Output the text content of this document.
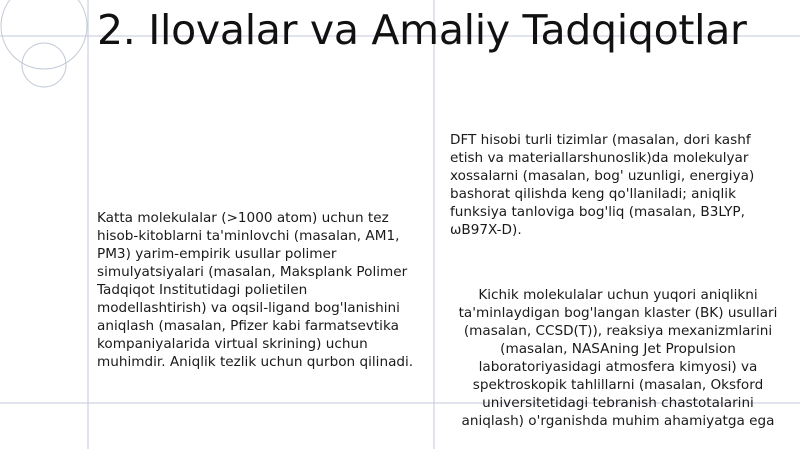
2. Ilovalar va Amaliy Tadqiqotlar
Katta molekulalar (>1000 atom) uchun tez hisob-kitoblarni ta'minlovchi (masalan, AM1, PM3) yarim-empirik usullar polimer simulyatsiyalari (masalan, Maksplank Polimer Tadqiqot Institutidagi polietilen modellashtirish) va oqsil-ligand bog'lanishini aniqlash (masalan, Pfizer kabi farmatsevtika kompaniyalarida virtual skrining) uchun muhimdir. Aniqlik tezlik uchun qurbon qilinadi.
DFT hisobi turli tizimlar (masalan, dori kashf etish va materiallarshunoslik)da molekulyar xossalarni (masalan, bog' uzunligi, energiya) bashorat qilishda keng qo'llaniladi; aniqlik funksiya tanloviga bog'liq (masalan, B3LYP, ωB97X-D).
Kichik molekulalar uchun yuqori aniqlikni ta'minlaydigan bog'langan klaster (BK) usullari (masalan, CCSD(T)), reaksiya mexanizmlarini (masalan, NASAning Jet Propulsion laboratoriyasidagi atmosfera kimyosi) va spektroskopik tahlillarni (masalan, Oksford universitetidagi tebranish chastotalarini aniqlash) o'rganishda muhim ahamiyatga ega
